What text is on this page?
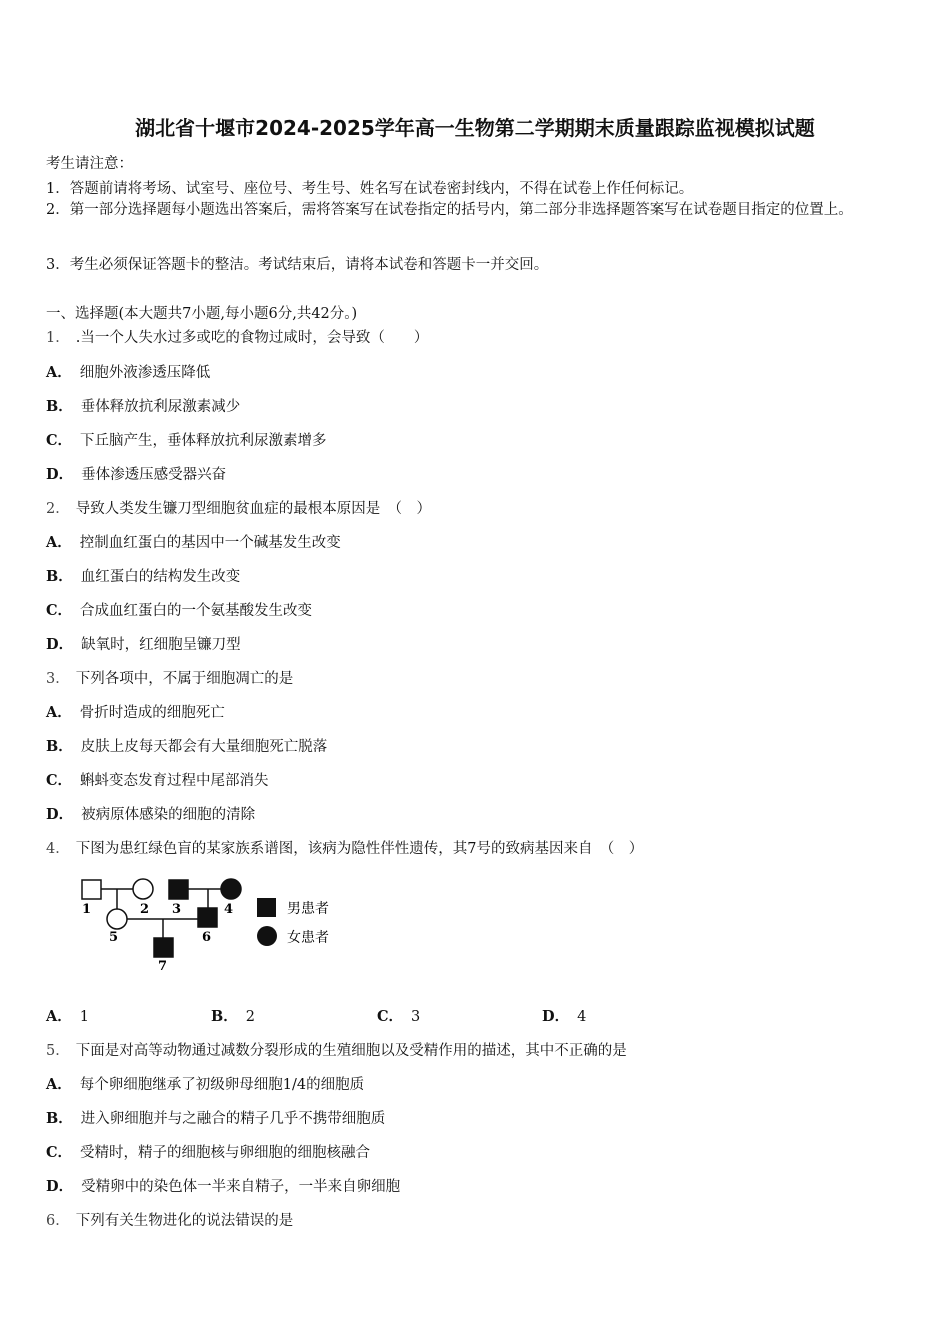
湖北省十堰市2024-2025学年高一生物第二学期期末质量跟踪监视模拟试题
考生请注意：
1．答题前请将考场、试室号、座位号、考生号、姓名写在试卷密封线内，不得在试卷上作任何标记。
2．第一部分选择题每小题选出答案后，需将答案写在试卷指定的括号内，第二部分非选择题答案写在试卷题目指定的位置上。
3．考生必须保证答题卡的整洁。考试结束后，请将本试卷和答题卡一并交回。
一、选择题(本大题共7小题,每小题6分,共42分。)
1． .当一个人失水过多或吃的食物过咸时，会导致（　　）
A． 细胞外液渗透压降低
B． 垂体释放抗利尿激素减少
C． 下丘脑产生，垂体释放抗利尿激素增多
D． 垂体渗透压感受器兴奋
2． 导致人类发生镰刀型细胞贫血症的最根本原因是　（　）
A． 控制血红蛋白的基因中一个碱基发生改变
B． 血红蛋白的结构发生改变
C． 合成血红蛋白的一个氨基酸发生改变
D． 缺氧时，红细胞呈镰刀型
3． 下列各项中，不属于细胞凋亡的是
A． 骨折时造成的细胞死亡
B． 皮肤上皮每天都会有大量细胞死亡脱落
C． 蝌蚪变态发育过程中尾部消失
D． 被病原体感染的细胞的清除
4． 下图为患红绿色盲的某家族系谱图，该病为隐性伴性遗传，其7号的致病基因来自　（　）
1	2 3	4
5	6
7
男患者
女患者
A． 1	B． 2	C． 3	D． 4
5． 下面是对高等动物通过减数分裂形成的生殖细胞以及受精作用的描述，其中不正确的是
A． 每个卵细胞继承了初级卵母细胞1/4的细胞质
B． 进入卵细胞并与之融合的精子几乎不携带细胞质
C． 受精时，精子的细胞核与卵细胞的细胞核融合
D． 受精卵中的染色体一半来自精子，一半来自卵细胞
6． 下列有关生物进化的说法错误的是
